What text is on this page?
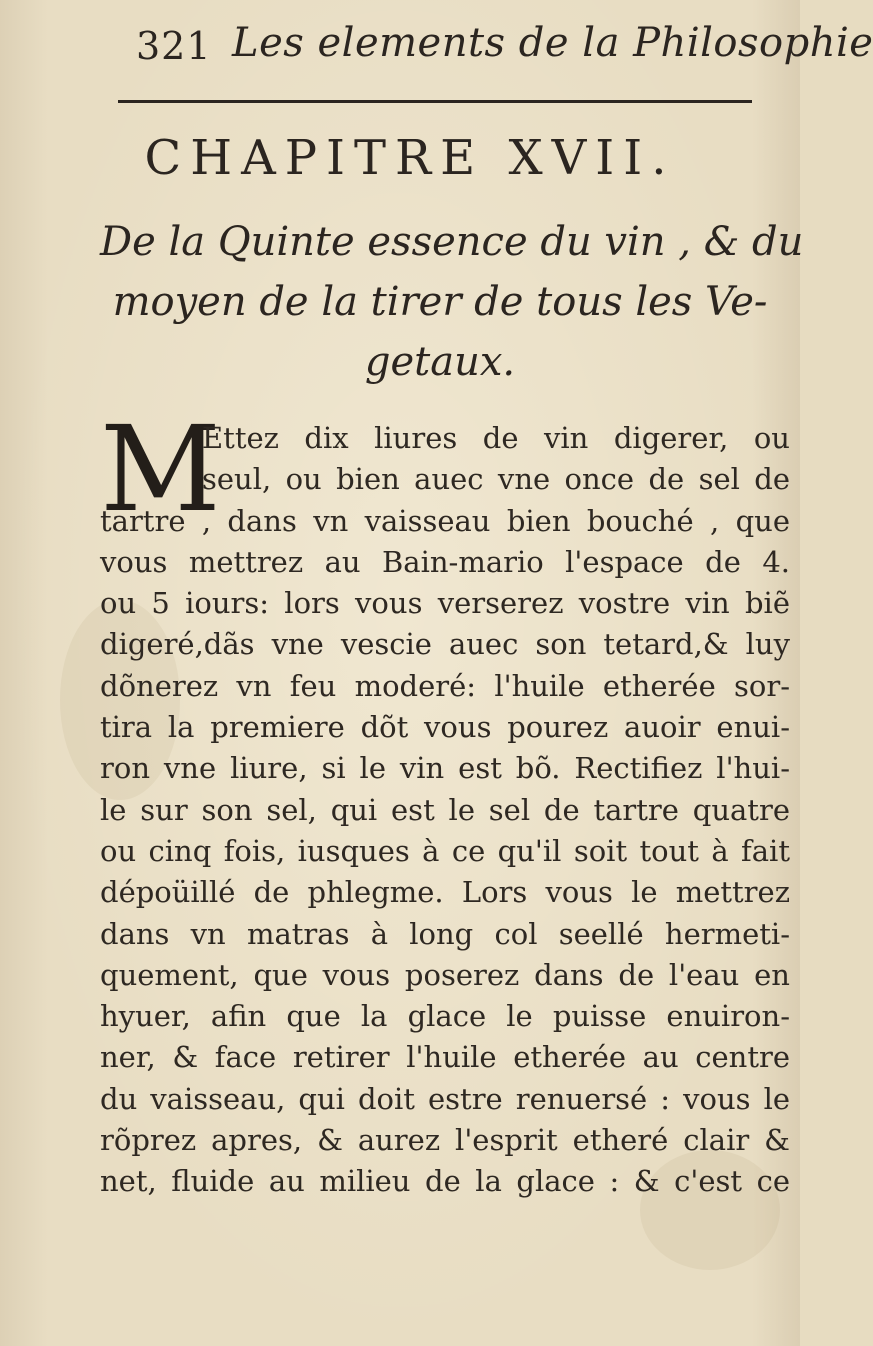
321 Les elements de la Philosophie
CHAPITRE XVII.
De la Quinte essence du vin , & du
moyen de la tirer de tous les Ve-
getaux.
M
Ettez dix liures de vin digerer, ou
seul, ou bien auec vne once de sel de
tartre , dans vn vaisseau bien bouché , que
vous mettrez au Bain-mario l'espace de 4.
ou 5 iours: lors vous verserez vostre vin biẽ
digeré,dãs vne vescie auec son tetard,& luy
dõnerez vn feu moderé: l'huile etherée sor-
tira la premiere dõt vous pourez auoir enui-
ron vne liure, si le vin est bõ. Rectifiez l'hui-
le sur son sel, qui est le sel de tartre quatre
ou cinq fois, iusques à ce qu'il soit tout à fait
dépoüillé de phlegme. Lors vous le mettrez
dans vn matras à long col seellé hermeti-
quement, que vous poserez dans de l'eau en
hyuer, afin que la glace le puisse enuiron-
ner, & face retirer l'huile etherée au centre
du vaisseau, qui doit estre renuersé : vous le
rõprez apres, & aurez l'esprit etheré clair &
net, fluide au milieu de la glace : & c'est ce
